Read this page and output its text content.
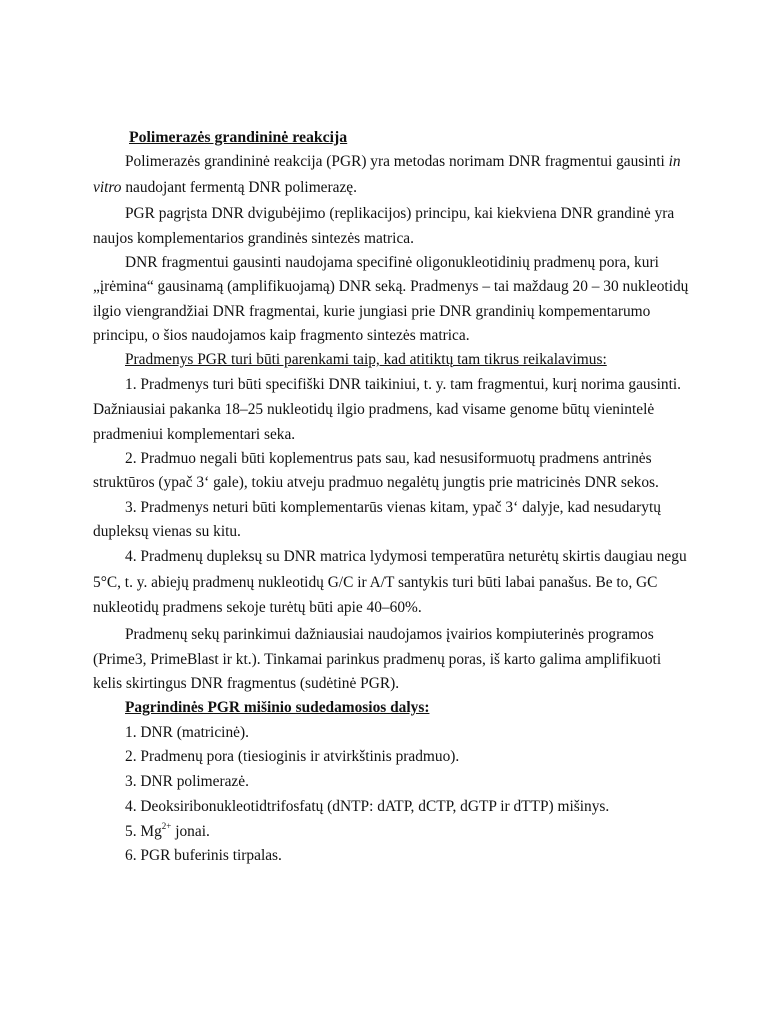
Polimerazės grandininė reakcija
Polimerazės grandininė reakcija (PGR) yra metodas norimam DNR fragmentui gausinti in
vitro naudojant fermentą DNR polimerazę.
PGR pagrįsta DNR dvigubėjimo (replikacijos) principu, kai kiekviena DNR grandinė yra
naujos komplementarios grandinės sintezės matrica.
DNR fragmentui gausinti naudojama specifinė oligonukleotidinių pradmenų pora, kuri
„įrėmina“ gausinamą (amplifikuojamą) DNR seką. Pradmenys – tai maždaug 20 – 30 nukleotidų
ilgio viengrandžiai DNR fragmentai, kurie jungiasi prie DNR grandinių kompementarumo
principu, o šios naudojamos kaip fragmento sintezės matrica.
Pradmenys PGR turi būti parenkami taip, kad atitiktų tam tikrus reikalavimus:
1. Pradmenys turi būti specifiški DNR taikiniui, t. y. tam fragmentui, kurį norima gausinti.
Dažniausiai pakanka 18–25 nukleotidų ilgio pradmens, kad visame genome būtų vienintelė
pradmeniui komplementari seka.
2. Pradmuo negali būti koplementrus pats sau, kad nesusiformuotų pradmens antrinės
struktūros (ypač 3‘ gale), tokiu atveju pradmuo negalėtų jungtis prie matricinės DNR sekos.
3. Pradmenys neturi būti komplementarūs vienas kitam, ypač 3‘ dalyje, kad nesudarytų
dupleksų vienas su kitu.
4. Pradmenų dupleksų su DNR matrica lydymosi temperatūra neturėtų skirtis daugiau negu
5°C, t. y. abiejų pradmenų nukleotidų G/C ir A/T santykis turi būti labai panašus. Be to, GC
nukleotidų pradmens sekoje turėtų būti apie 40–60%.
Pradmenų sekų parinkimui dažniausiai naudojamos įvairios kompiuterinės programos
(Prime3, PrimeBlast ir kt.). Tinkamai parinkus pradmenų poras, iš karto galima amplifikuoti
kelis skirtingus DNR fragmentus (sudėtinė PGR).
Pagrindinės PGR mišinio sudedamosios dalys:
1. DNR (matricinė).
2. Pradmenų pora (tiesioginis ir atvirkštinis pradmuo).
3. DNR polimerazė.
4. Deoksiribonukleotidtrifosfatų (dNTP: dATP, dCTP, dGTP ir dTTP) mišinys.
5. $Mg^{2+}$ jonai.
6. PGR buferinis tirpalas.
